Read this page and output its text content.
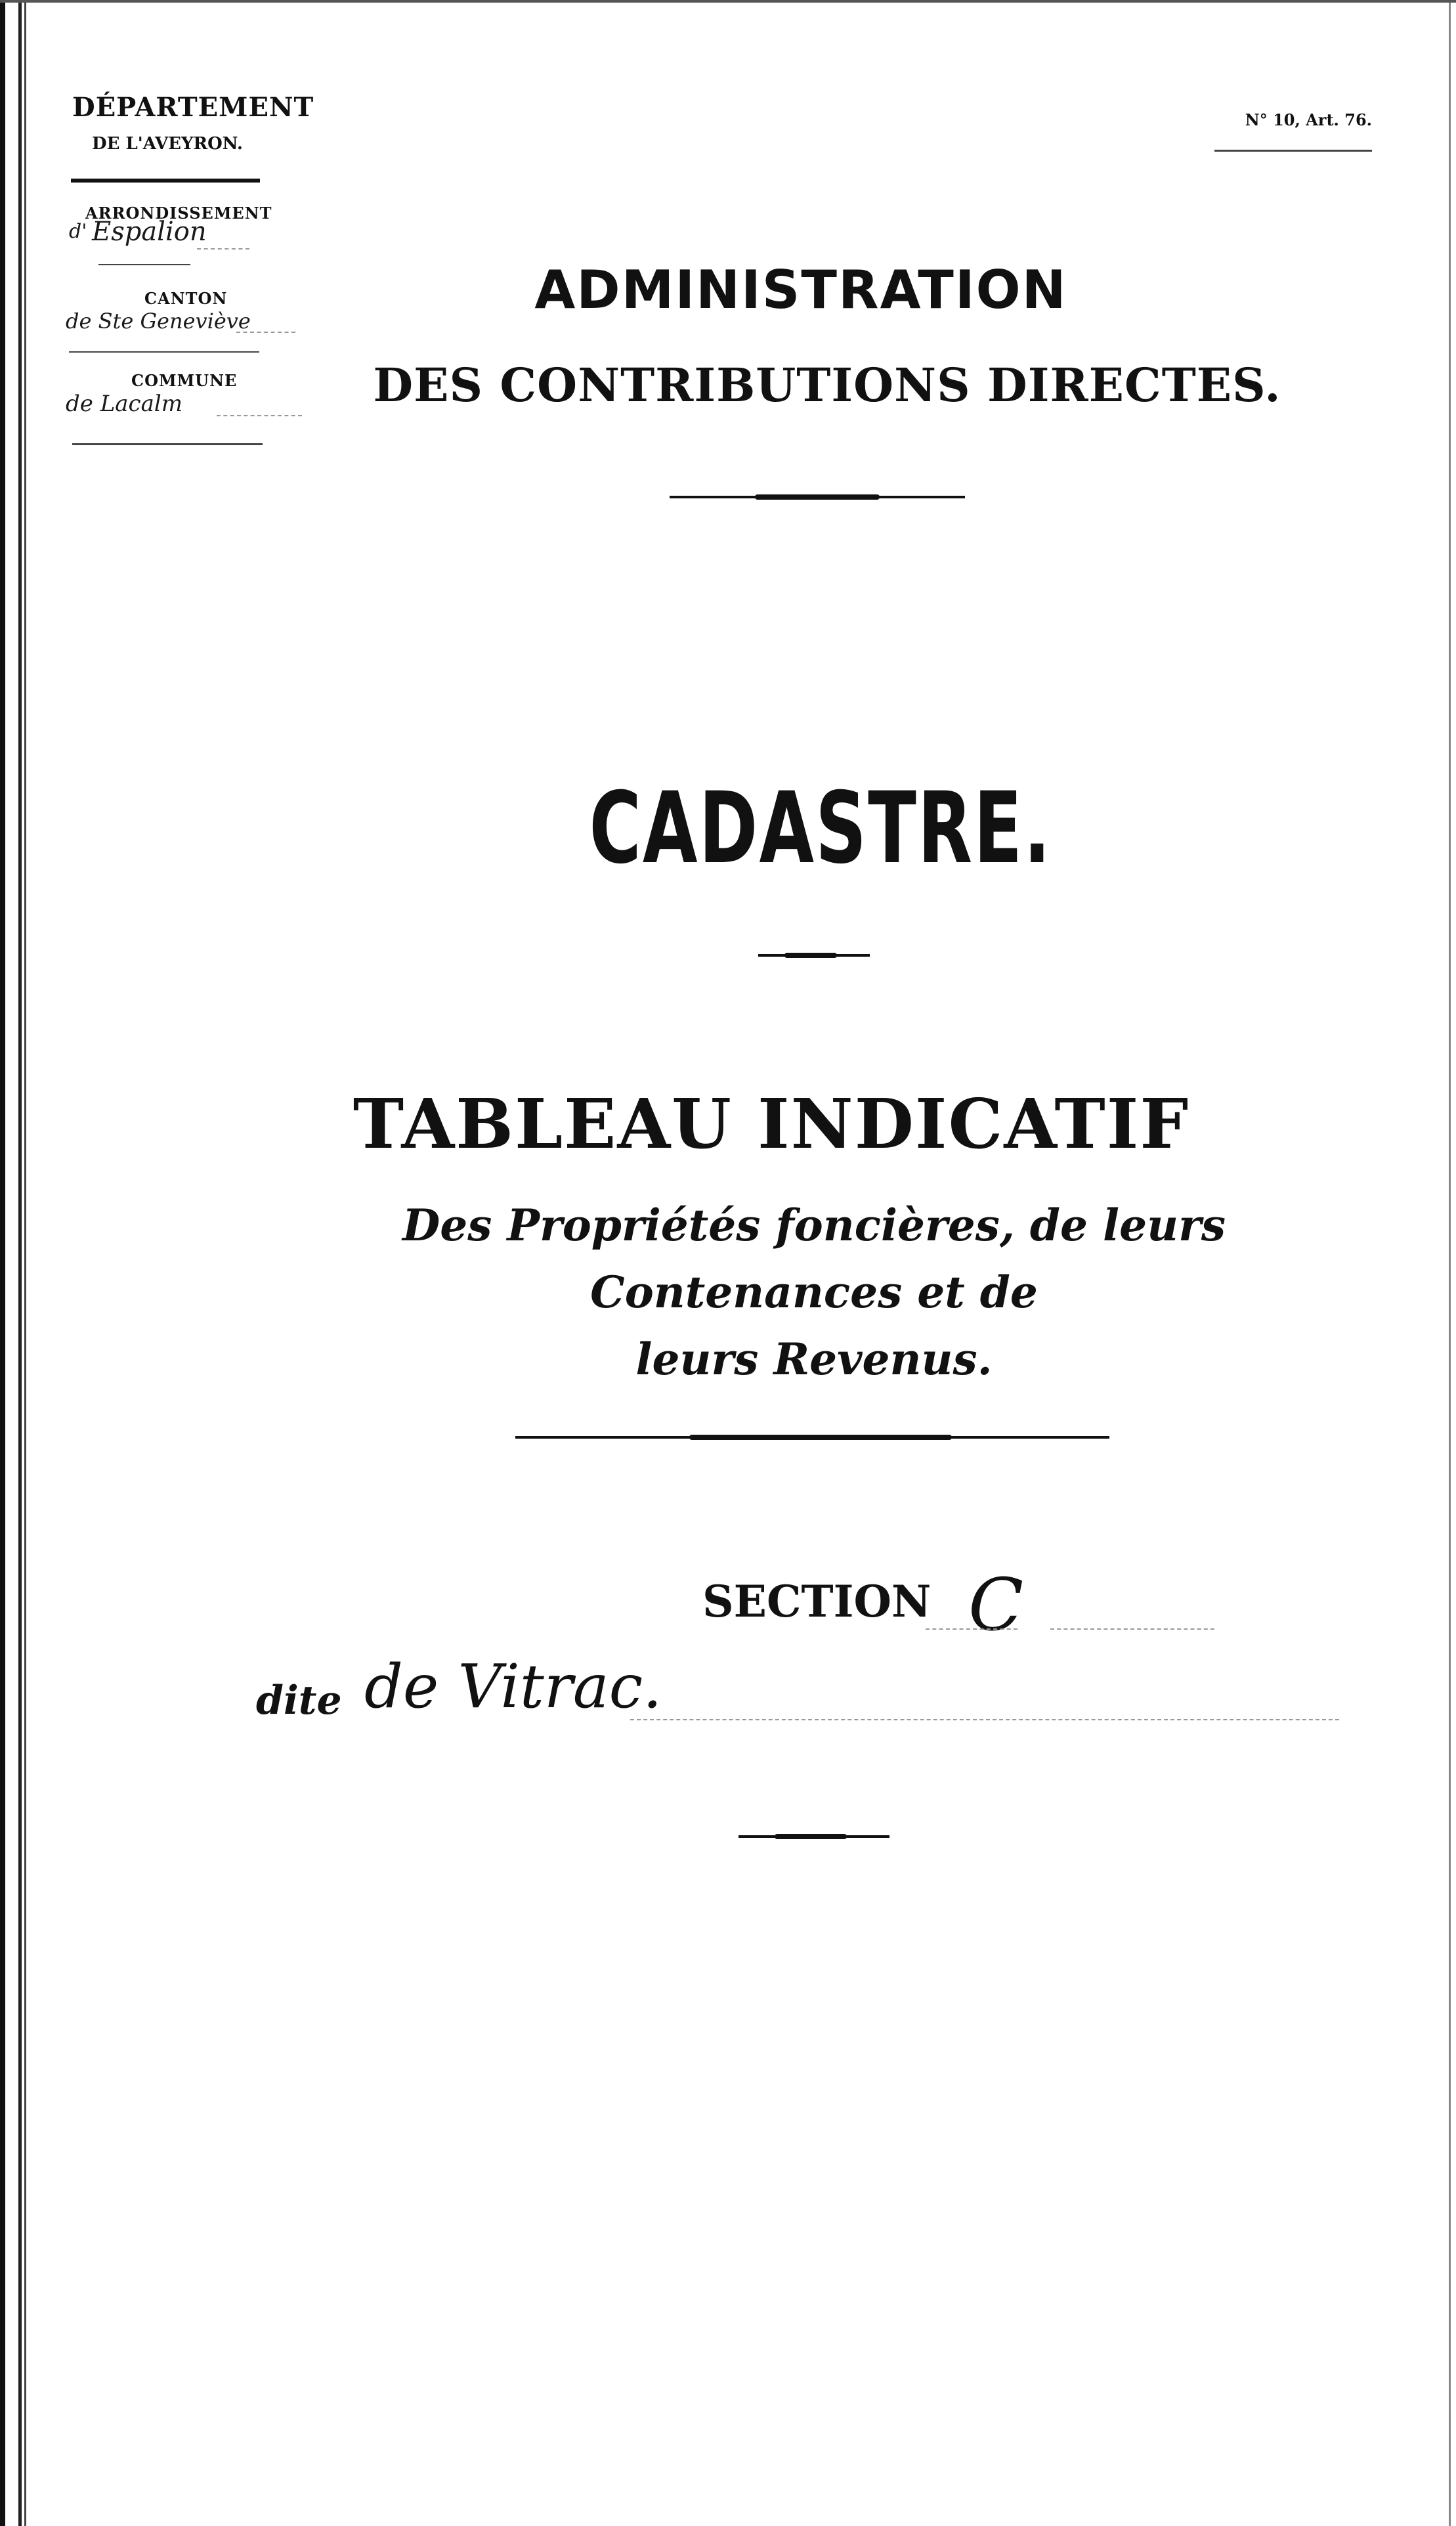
DÉPARTEMENT
DE L'AVEYRON.
ARRONDISSEMENT
d' Espalion
CANTON
de Ste Geneviève
COMMUNE
de Lacalm
N° 10, Art. 76.
ADMINISTRATION
DES CONTRIBUTIONS DIRECTES.
CADASTRE.
TABLEAU INDICATIF
Des Propriétés foncières, de leurs Contenances et de
leurs Revenus.
SECTION C
dite de Vitrac.
